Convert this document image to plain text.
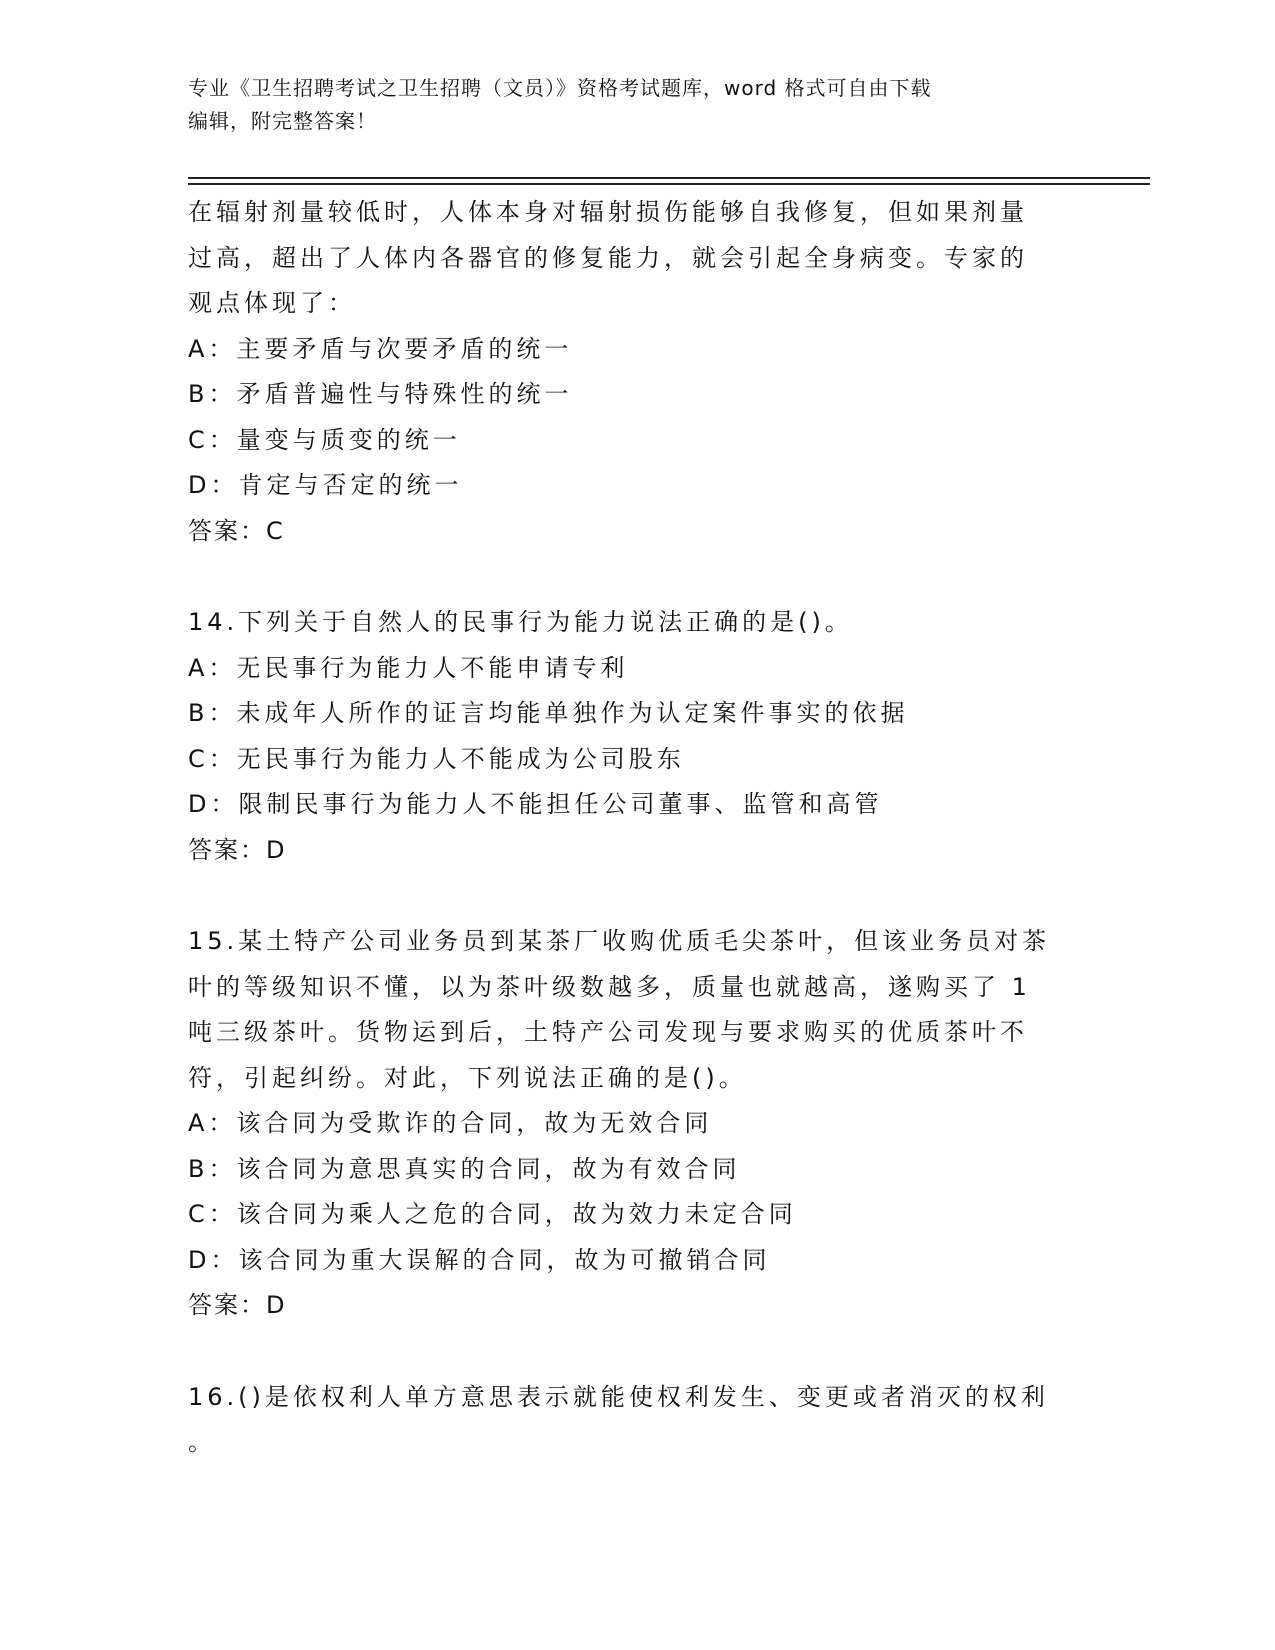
专业《卫生招聘考试之卫生招聘（文员）》资格考试题库，word 格式可自由下载
编辑，附完整答案！
在辐射剂量较低时，人体本身对辐射损伤能够自我修复，但如果剂量
过高，超出了人体内各器官的修复能力，就会引起全身病变。专家的
观点体现了：
A：主要矛盾与次要矛盾的统一
B：矛盾普遍性与特殊性的统一
C：量变与质变的统一
D：肯定与否定的统一
答案：C
14.下列关于自然人的民事行为能力说法正确的是()。
A：无民事行为能力人不能申请专利
B：未成年人所作的证言均能单独作为认定案件事实的依据
C：无民事行为能力人不能成为公司股东
D：限制民事行为能力人不能担任公司董事、监管和高管
答案：D
15.某土特产公司业务员到某茶厂收购优质毛尖茶叶，但该业务员对茶
叶的等级知识不懂，以为茶叶级数越多，质量也就越高，遂购买了 1
吨三级茶叶。货物运到后，土特产公司发现与要求购买的优质茶叶不
符，引起纠纷。对此，下列说法正确的是()。
A：该合同为受欺诈的合同，故为无效合同
B：该合同为意思真实的合同，故为有效合同
C：该合同为乘人之危的合同，故为效力未定合同
D：该合同为重大误解的合同，故为可撤销合同
答案：D
16.()是依权利人单方意思表示就能使权利发生、变更或者消灭的权利
。
